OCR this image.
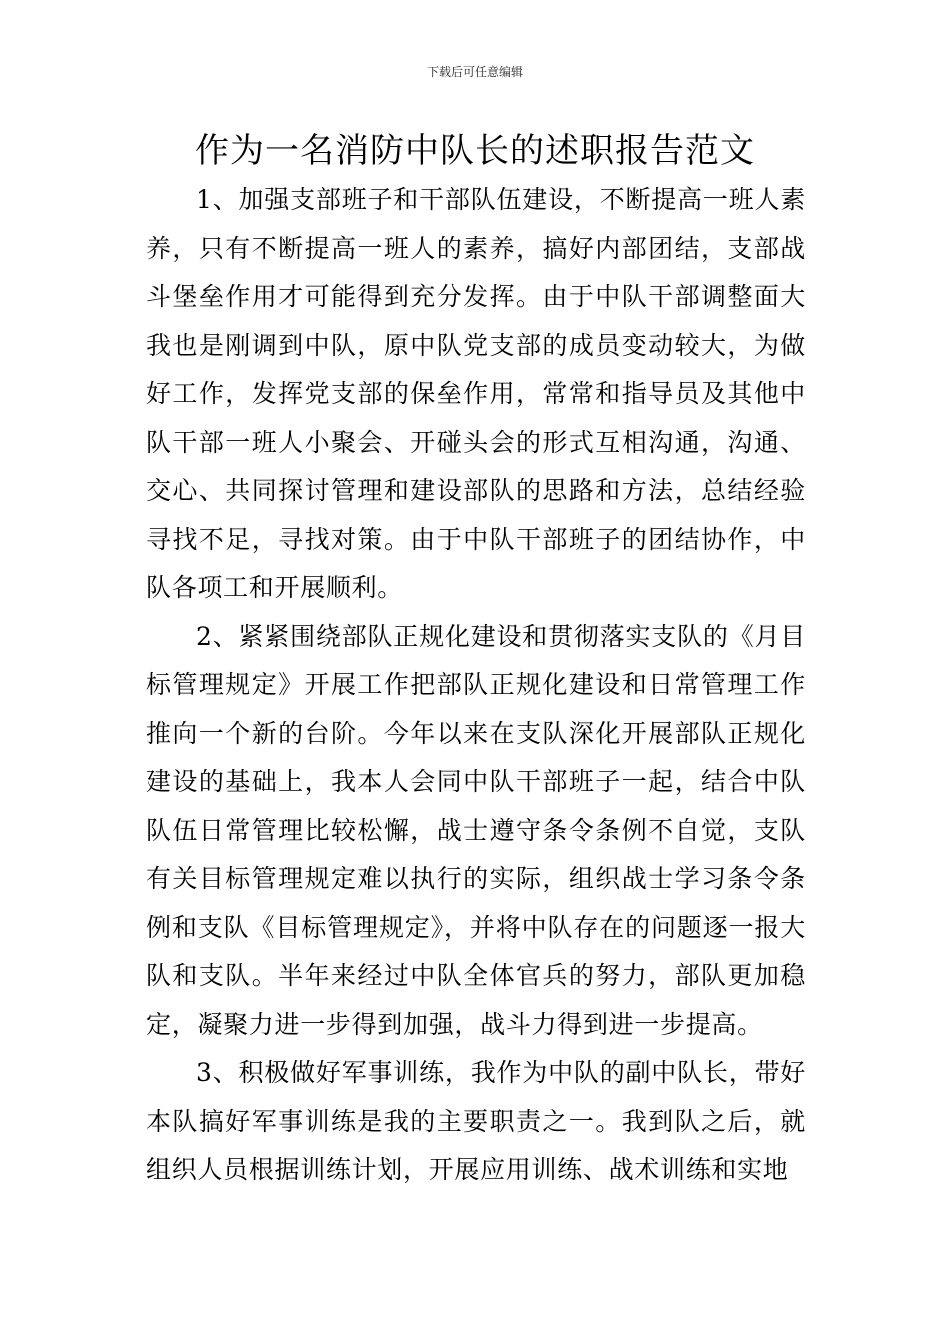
下载后可任意编辑
作为一名消防中队长的述职报告范文

1、加强支部班子和干部队伍建设，不断提高一班人素养，只有不断提高一班人的素养，搞好内部团结，支部战斗堡垒作用才可能得到充分发挥。由于中队干部调整面大我也是刚调到中队，原中队党支部的成员变动较大，为做好工作，发挥党支部的保垒作用，常常和指导员及其他中队干部一班人小聚会、开碰头会的形式互相沟通，沟通、交心、共同探讨管理和建设部队的思路和方法，总结经验寻找不足，寻找对策。由于中队干部班子的团结协作，中队各项工和开展顺利。

2、紧紧围绕部队正规化建设和贯彻落实支队的《月目标管理规定》开展工作把部队正规化建设和日常管理工作推向一个新的台阶。今年以来在支队深化开展部队正规化建设的基础上，我本人会同中队干部班子一起，结合中队队伍日常管理比较松懈，战士遵守条令条例不自觉，支队有关目标管理规定难以执行的实际，组织战士学习条令条例和支队《目标管理规定》，并将中队存在的问题逐一报大队和支队。半年来经过中队全体官兵的努力，部队更加稳定，凝聚力进一步得到加强，战斗力得到进一步提高。

3、积极做好军事训练，我作为中队的副中队长，带好本队搞好军事训练是我的主要职责之一。我到队之后，就组织人员根据训练计划，开展应用训练、战术训练和实地
